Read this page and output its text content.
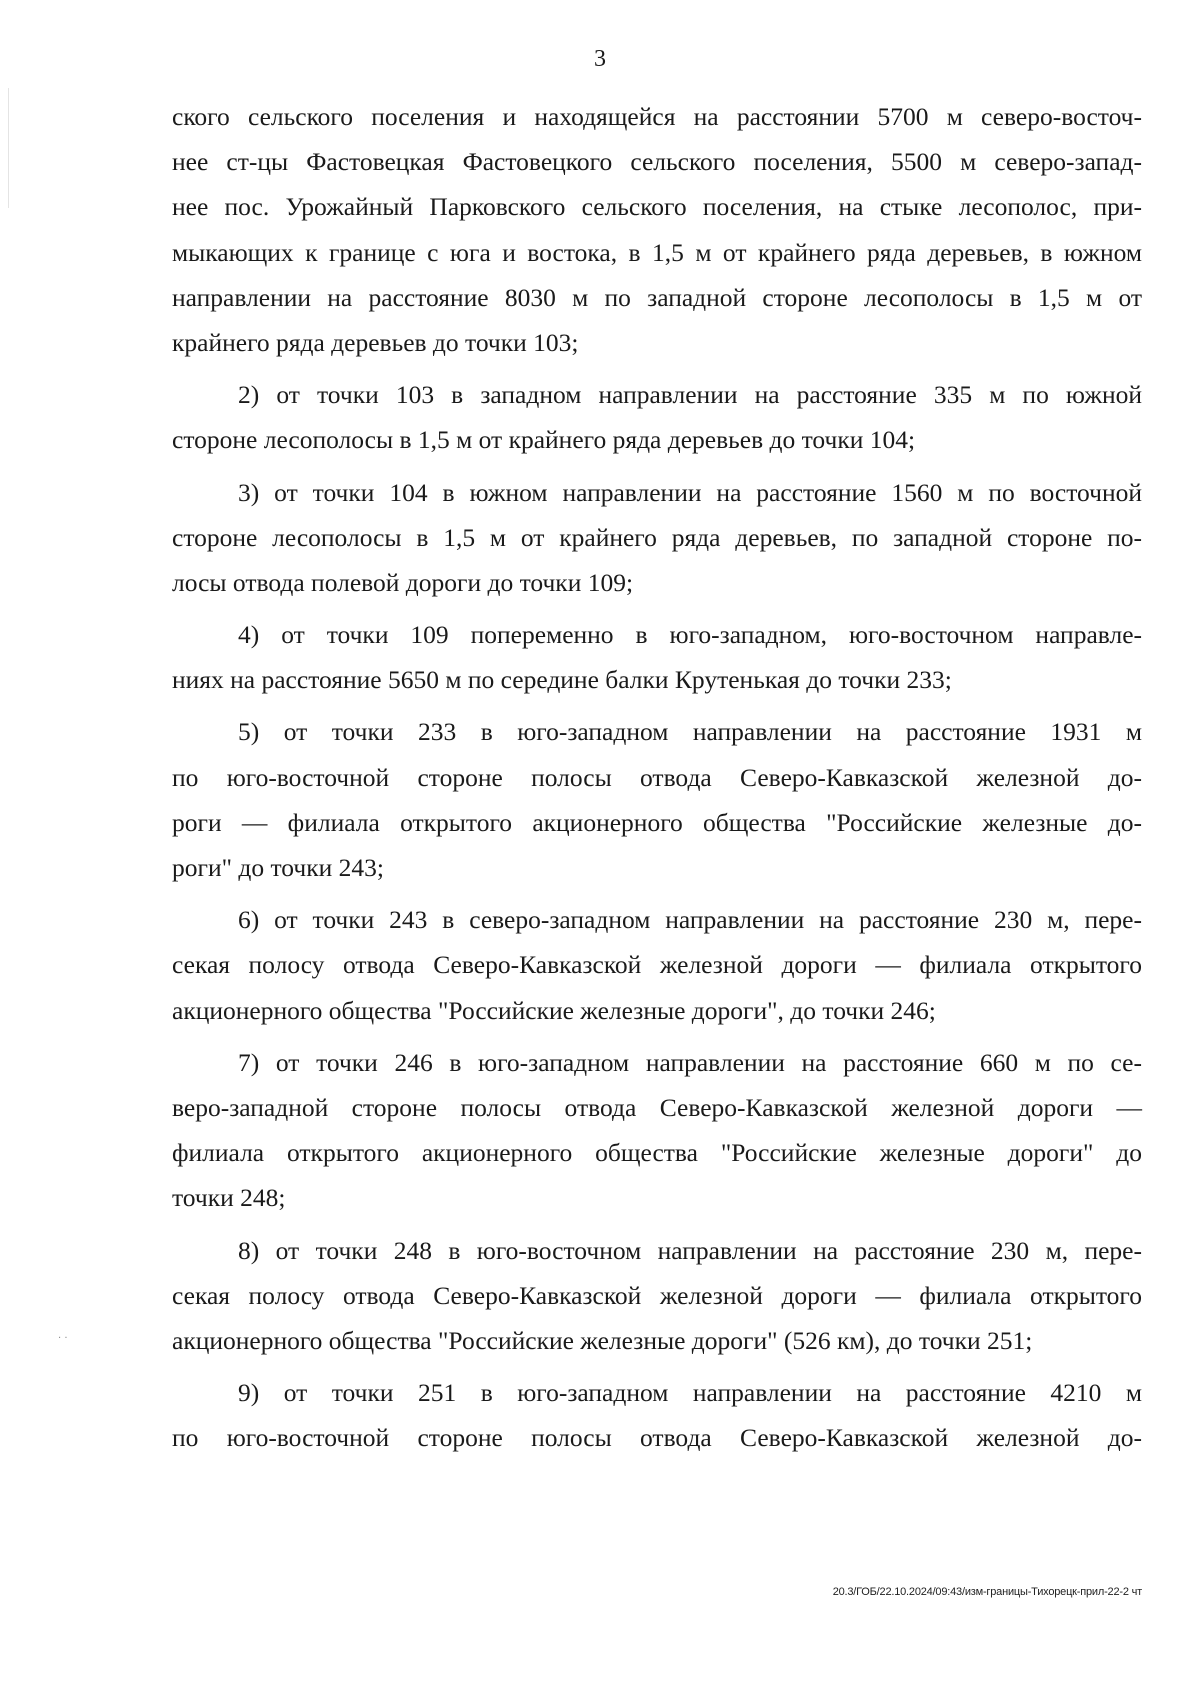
3
ского сельского поселения и находящейся на расстоянии 5700 м северо-восточ-
нее ст-цы Фастовецкая Фастовецкого сельского поселения, 5500 м северо-запад-
нее пос. Урожайный Парковского сельского поселения, на стыке лесополос, при-
мыкающих к границе с юга и востока, в 1,5 м от крайнего ряда деревьев, в южном
направлении на расстояние 8030 м по западной стороне лесополосы в 1,5 м от
крайнего ряда деревьев до точки 103;
2) от точки 103 в западном направлении на расстояние 335 м по южной
стороне лесополосы в 1,5 м от крайнего ряда деревьев до точки 104;
3) от точки 104 в южном направлении на расстояние 1560 м по восточной
стороне лесополосы в 1,5 м от крайнего ряда деревьев, по западной стороне по-
лосы отвода полевой дороги до точки 109;
4) от точки 109 попеременно в юго-западном, юго-восточном направле-
ниях на расстояние 5650 м по середине балки Крутенькая до точки 233;
5) от точки 233 в юго-западном направлении на расстояние 1931 м
по юго-восточной стороне полосы отвода Северо-Кавказской железной до-
роги — филиала открытого акционерного общества "Российские железные до-
роги" до точки 243;
6) от точки 243 в северо-западном направлении на расстояние 230 м, пере-
секая полосу отвода Северо-Кавказской железной дороги — филиала открытого
акционерного общества "Российские железные дороги", до точки 246;
7) от точки 246 в юго-западном направлении на расстояние 660 м по се-
веро-западной стороне полосы отвода Северо-Кавказской железной дороги —
филиала открытого акционерного общества "Российские железные дороги" до
точки 248;
8) от точки 248 в юго-восточном направлении на расстояние 230 м, пере-
секая полосу отвода Северо-Кавказской железной дороги — филиала открытого
акционерного общества "Российские железные дороги" (526 км), до точки 251;
9) от точки 251 в юго-западном направлении на расстояние 4210 м
по юго-восточной стороне полосы отвода Северо-Кавказской железной до-
· ·
20.3/ГОБ/22.10.2024/09:43/изм-границы-Тихорецк-прил-22-2 чт
